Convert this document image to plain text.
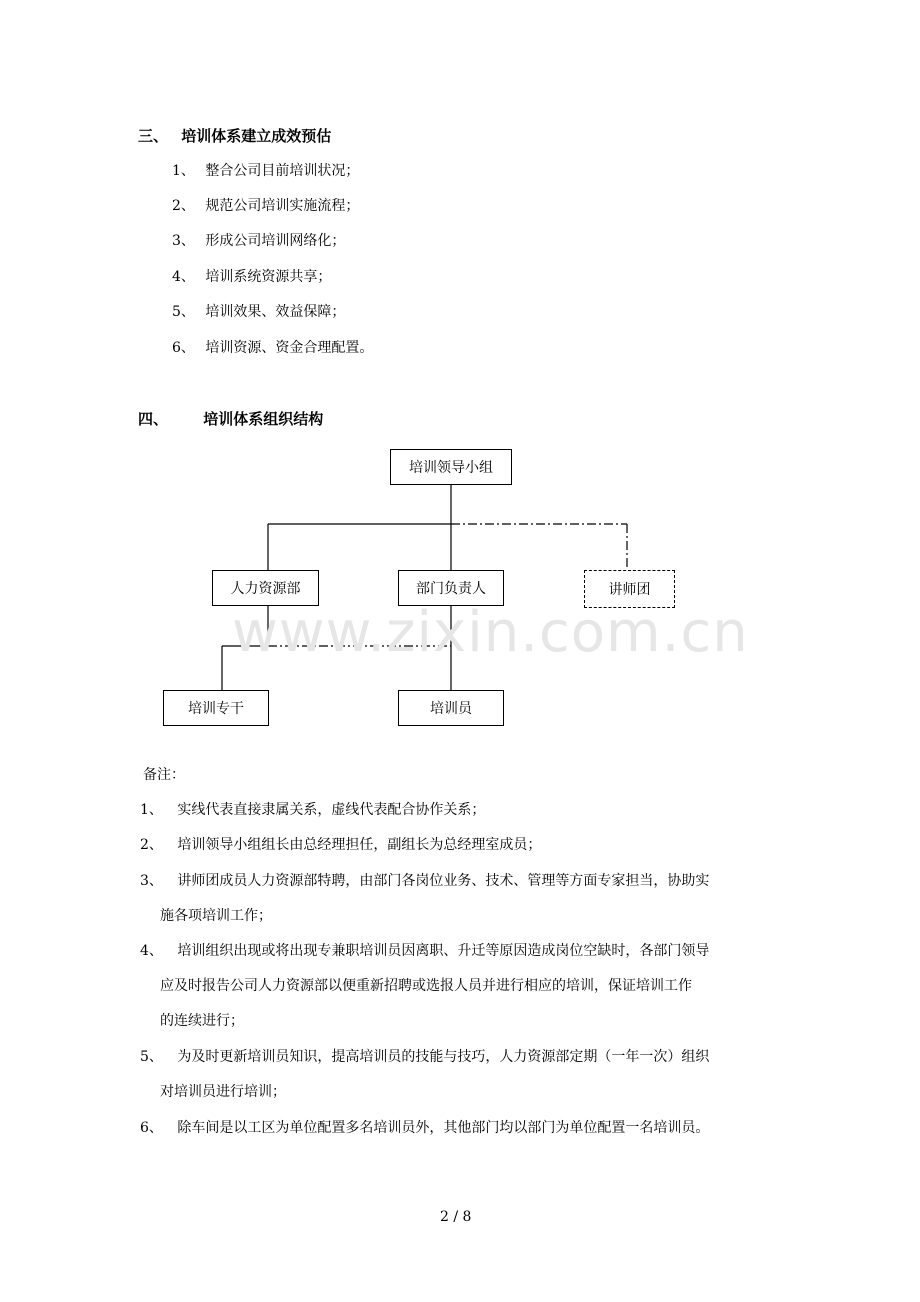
三、 培训体系建立成效预估
1、 整合公司目前培训状况；
2、 规范公司培训实施流程；
3、 形成公司培训网络化；
4、 培训系统资源共享；
5、 培训效果、效益保障；
6、 培训资源、资金合理配置。
四、 培训体系组织结构
培训领导小组
人力资源部	部门负责人	讲师团
培训专干	培训员
www.zixin.com.cn
备注：
1、 实线代表直接隶属关系，虚线代表配合协作关系；
2、 培训领导小组组长由总经理担任，副组长为总经理室成员；
3、 讲师团成员人力资源部特聘，由部门各岗位业务、技术、管理等方面专家担当，协助实
施各项培训工作；
4、 培训组织出现或将出现专兼职培训员因离职、升迁等原因造成岗位空缺时，各部门领导
应及时报告公司人力资源部以便重新招聘或选报人员并进行相应的培训，保证培训工作
的连续进行；
5、 为及时更新培训员知识，提高培训员的技能与技巧，人力资源部定期（一年一次）组织
对培训员进行培训；
6、 除车间是以工区为单位配置多名培训员外，其他部门均以部门为单位配置一名培训员。
2 / 8
